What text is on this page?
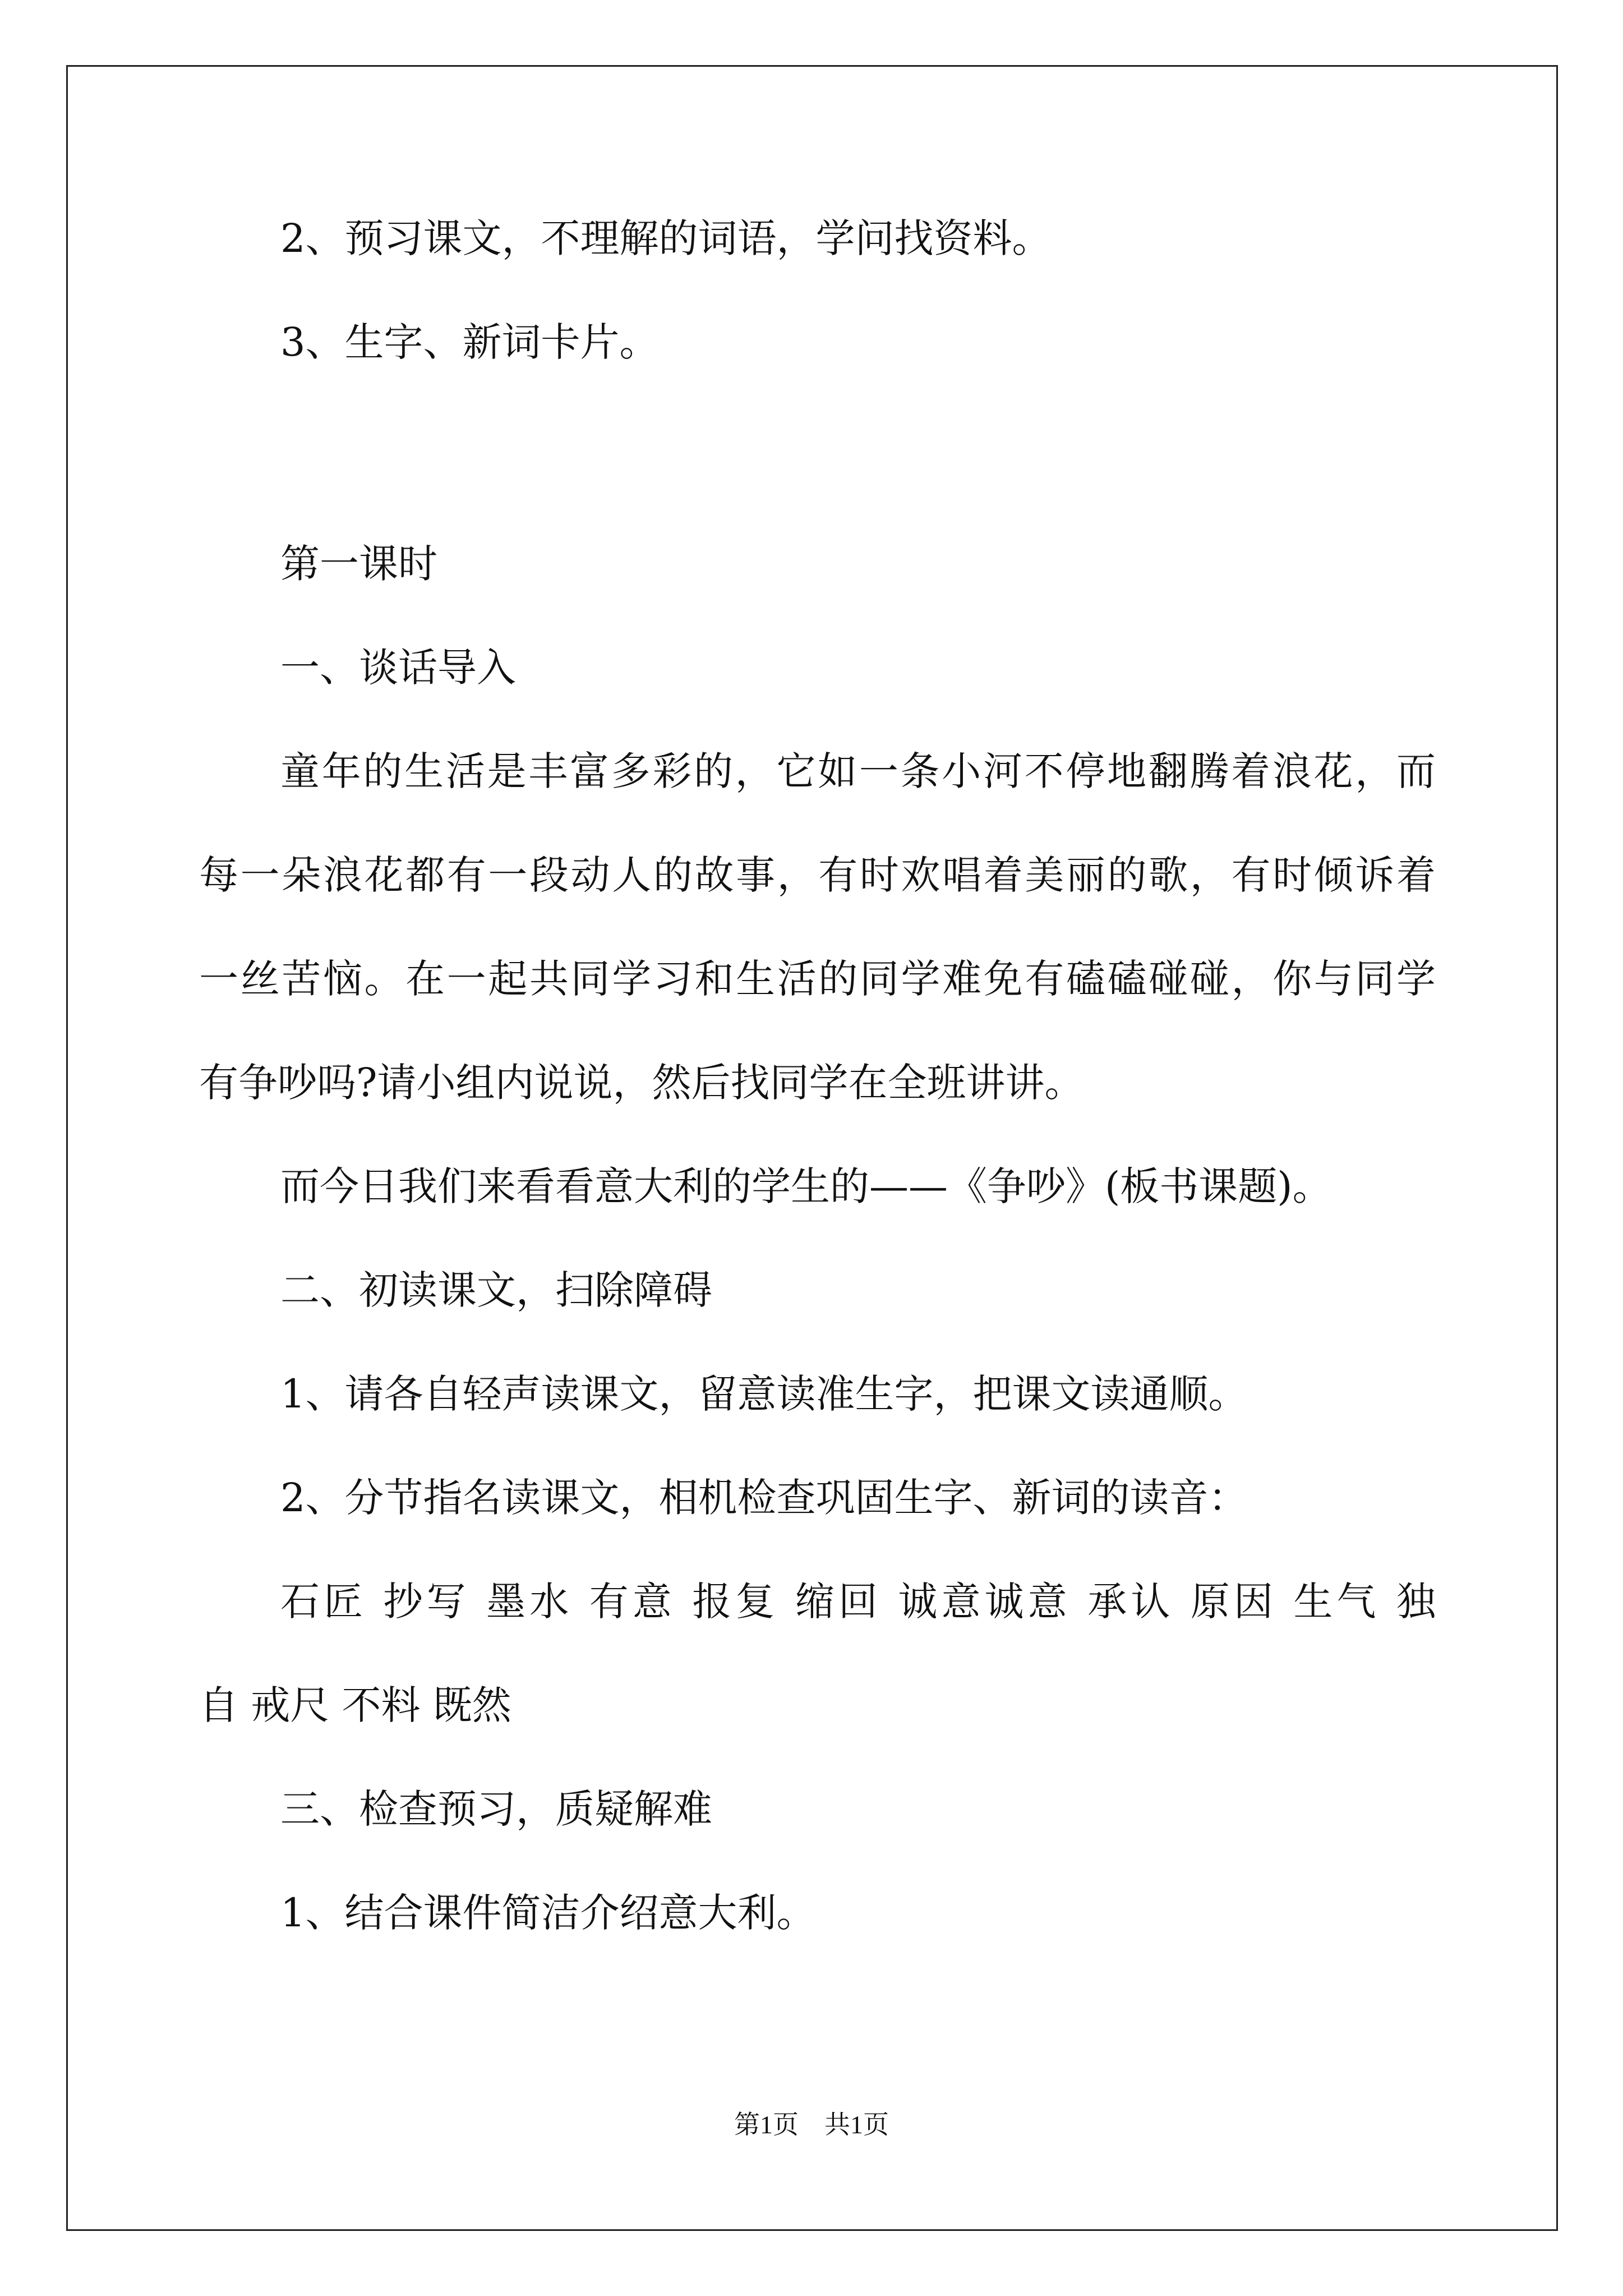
2、预习课文，不理解的词语，学问找资料。
3、生字、新词卡片。
第一课时
一、谈话导入
童年的生活是丰富多彩的，它如一条小河不停地翻腾着浪花，而
每一朵浪花都有一段动人的故事，有时欢唱着美丽的歌，有时倾诉着
一丝苦恼。在一起共同学习和生活的同学难免有磕磕碰碰，你与同学
有争吵吗?请小组内说说，然后找同学在全班讲讲。
而今日我们来看看意大利的学生的——《争吵》(板书课题)。
二、初读课文，扫除障碍
1、请各自轻声读课文，留意读准生字，把课文读通顺。
2、分节指名读课文，相机检查巩固生字、新词的读音：
石匠 抄写 墨水 有意 报复 缩回 诚意诚意 承认 原因 生气 独
自 戒尺 不料 既然
三、检查预习，质疑解难
1、结合课件简洁介绍意大利。
第1页　共1页
